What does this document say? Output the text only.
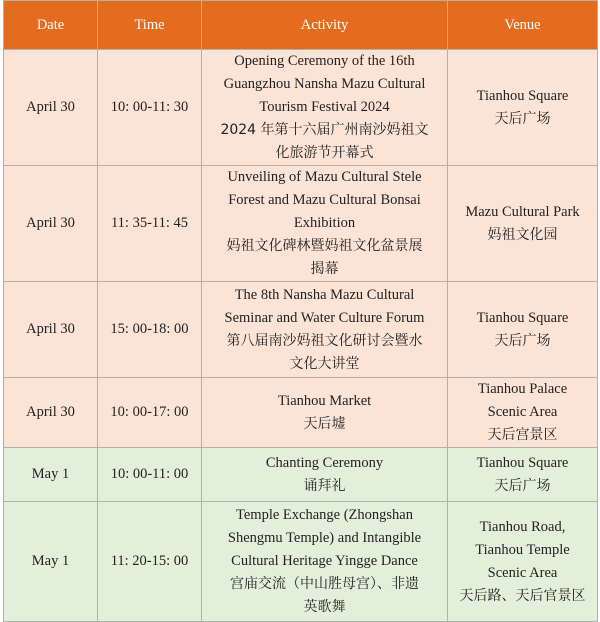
Date	Time	Activity	Venue
April 30	10: 00-11: 30	Opening Ceremony of the 16th
Guangzhou Nansha Mazu Cultural
Tourism Festival 2024
2024 年第十六届广州南沙妈祖文
化旅游节开幕式	Tianhou Square
天后广场

April 30	11: 35-11: 45	Unveiling of Mazu Cultural Stele
Forest and Mazu Cultural Bonsai
Exhibition
妈祖文化碑林暨妈祖文化盆景展
揭幕	Mazu Cultural Park
妈祖文化园

April 30	15: 00-18: 00	The 8th Nansha Mazu Cultural
Seminar and Water Culture Forum
第八届南沙妈祖文化研讨会暨水
文化大讲堂	Tianhou Square
天后广场

April 30	10: 00-17: 00	Tianhou Market
天后墟	Tianhou Palace
Scenic Area
天后宫景区

May 1	10: 00-11: 00	Chanting Ceremony
诵拜礼	Tianhou Square
天后广场

May 1	11: 20-15: 00	Temple Exchange (Zhongshan
Shengmu Temple) and Intangible
Cultural Heritage Yingge Dance
宫庙交流（中山胜母宫）、非遗
英歌舞	Tianhou Road,
Tianhou Temple
Scenic Area
天后路、天后官景区
